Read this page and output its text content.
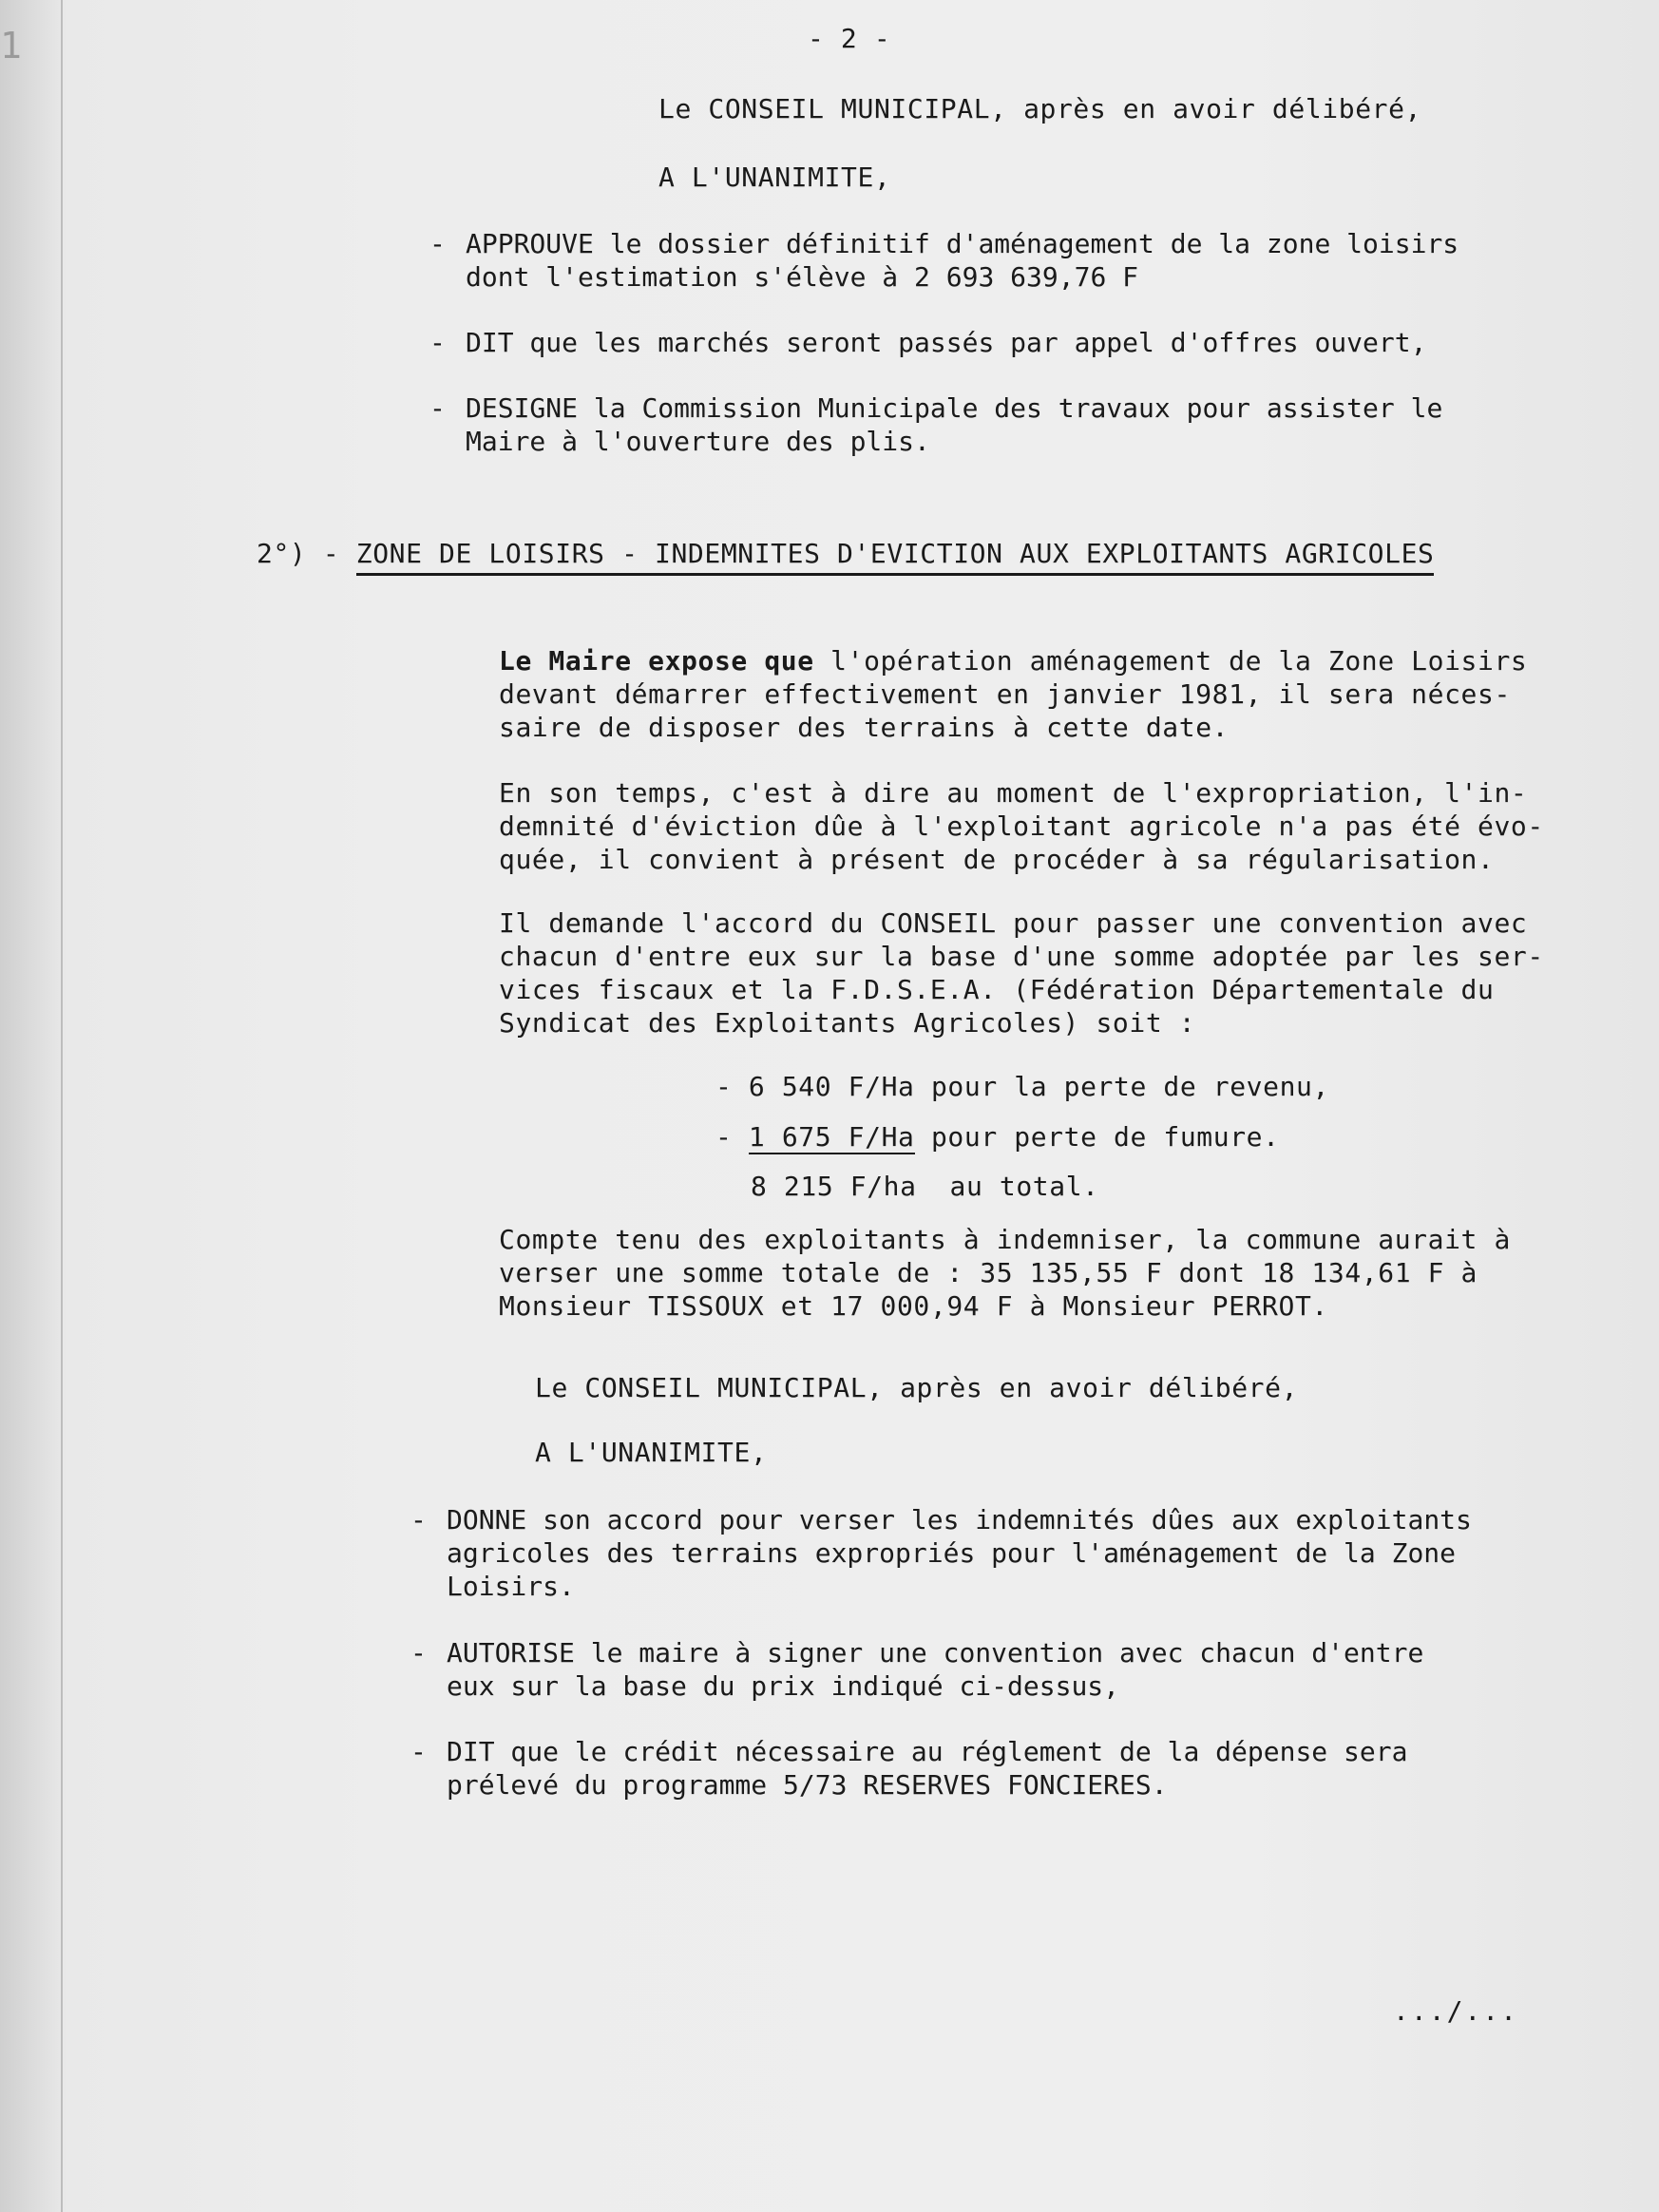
1	- 2 -
Le CONSEIL MUNICIPAL, après en avoir délibéré,
A L'UNANIMITE,
- APPROUVE le dossier définitif d'aménagement de la zone loisirs
dont l'estimation s'élève à 2 693 639,76 F
- DIT que les marchés seront passés par appel d'offres ouvert,
- DESIGNE la Commission Municipale des travaux pour assister le
Maire à l'ouverture des plis.
2°) - ZONE DE LOISIRS - INDEMNITES D'EVICTION AUX EXPLOITANTS AGRICOLES
Le Maire expose que l'opération aménagement de la Zone Loisirs
devant démarrer effectivement en janvier 1981, il sera néces-
saire de disposer des terrains à cette date.
En son temps, c'est à dire au moment de l'expropriation, l'in-
demnité d'éviction dûe à l'exploitant agricole n'a pas été évo-
quée, il convient à présent de procéder à sa régularisation.
Il demande l'accord du CONSEIL pour passer une convention avec
chacun d'entre eux sur la base d'une somme adoptée par les ser-
vices fiscaux et la F.D.S.E.A. (Fédération Départementale du
Syndicat des Exploitants Agricoles) soit :
- 6 540 F/Ha pour la perte de revenu,
- 1 675 F/Ha pour perte de fumure.
8 215 F/ha  au total.
Compte tenu des exploitants à indemniser, la commune aurait à
verser une somme totale de : 35 135,55 F dont 18 134,61 F à
Monsieur TISSOUX et 17 000,94 F à Monsieur PERROT.
Le CONSEIL MUNICIPAL, après en avoir délibéré,
A L'UNANIMITE,
- DONNE son accord pour verser les indemnités dûes aux exploitants
agricoles des terrains expropriés pour l'aménagement de la Zone
Loisirs.
- AUTORISE le maire à signer une convention avec chacun d'entre
eux sur la base du prix indiqué ci-dessus,
- DIT que le crédit nécessaire au réglement de la dépense sera
prélevé du programme 5/73 RESERVES FONCIERES.
.../...
